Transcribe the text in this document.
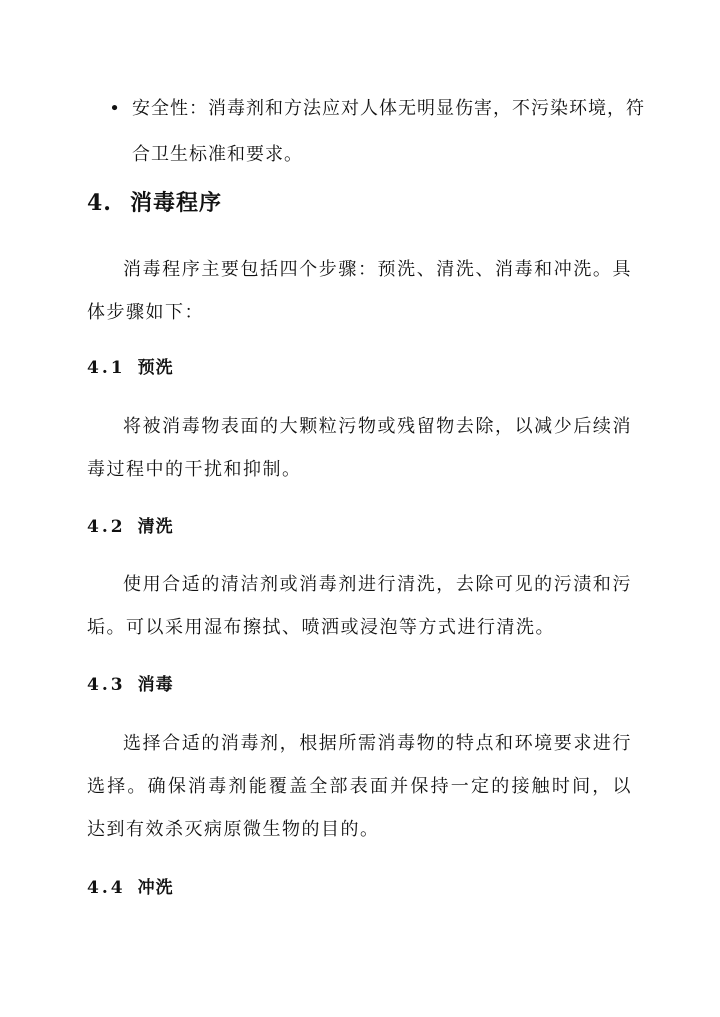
• 安全性：消毒剂和方法应对人体无明显伤害，不污染环境，符合卫生标准和要求。
4. 消毒程序

消毒程序主要包括四个步骤：预洗、清洗、消毒和冲洗。具体步骤如下：

4.1 预洗

将被消毒物表面的大颗粒污物或残留物去除，以减少后续消毒过程中的干扰和抑制。

4.2 清洗

使用合适的清洁剂或消毒剂进行清洗，去除可见的污渍和污垢。可以采用湿布擦拭、喷洒或浸泡等方式进行清洗。

4.3 消毒

选择合适的消毒剂，根据所需消毒物的特点和环境要求进行选择。确保消毒剂能覆盖全部表面并保持一定的接触时间，以达到有效杀灭病原微生物的目的。

4.4 冲洗
